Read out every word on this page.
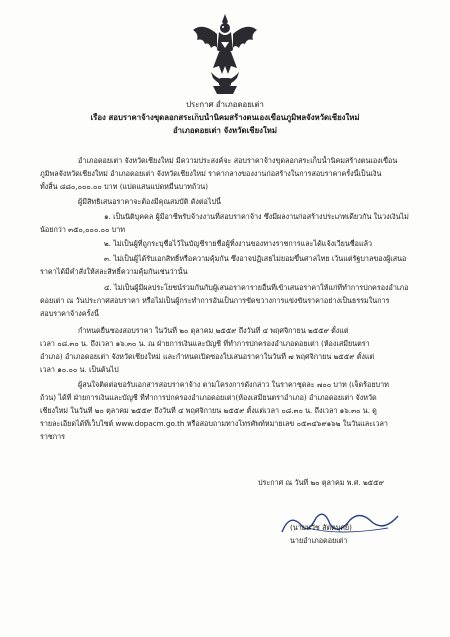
ประกาศ อำเภอดอยเต่า
เรื่อง สอบราคาจ้างขุดลอกสระเก็บน้ำนิคมสร้างตนเองเขื่อนภูมิพลจังหวัดเชียงใหม่
อำเภอดอยเต่า จังหวัดเชียงใหม่
อำเภอดอยเต่า จังหวัดเชียงใหม่ มีความประสงค์จะ สอบราคาจ้างขุดลอกสระเก็บน้ำนิคมสร้างตนเองเขื่อน
ภูมิพลจังหวัดเชียงใหม่ อำเภอดอยเต่า จังหวัดเชียงใหม่ ราคากลางของงานก่อสร้างในการสอบราคาครั้งนี้เป็นเงิน
ทั้งสิ้น ๘๘๐,๐๐๐.๐๐ บาท (แปดแสนแปดหมื่นบาทถ้วน)
ผู้มีสิทธิเสนอราคาจะต้องมีคุณสมบัติ ดังต่อไปนี้
๑. เป็นนิติบุคคล ผู้มีอาชีพรับจ้างงานที่สอบราคาจ้าง ซึ่งมีผลงานก่อสร้างประเภทเดียวกัน ในวงเงินไม่
น้อยกว่า ๓๕๐,๐๐๐.๐๐ บาท
๒. ไม่เป็นผู้ที่ถูกระบุชื่อไว้ในบัญชีรายชื่อผู้ทิ้งงานของทางราชการและได้แจ้งเวียนชื่อแล้ว
๓. ไม่เป็นผู้ได้รับเอกสิทธิ์หรือความคุ้มกัน ซึ่งอาจปฏิเสธไม่ยอมขึ้นศาลไทย เว้นแต่รัฐบาลของผู้เสนอ
ราคาได้มีคำสั่งให้สละสิทธิ์ความคุ้มกันเช่นว่านั้น
๔. ไม่เป็นผู้มีผลประโยชน์ร่วมกันกับผู้เสนอราคารายอื่นที่เข้าเสนอราคาให้แก่ที่ทำการปกครองอำเภอ
ดอยเต่า ณ วันประกาศสอบราคา หรือไม่เป็นผู้กระทำการอันเป็นการขัดขวางการแข่งขันราคาอย่างเป็นธรรมในการ
สอบราคาจ้างครั้งนี้
กำหนดยื่นซองสอบราคา ในวันที่ ๒๐ ตุลาคม ๒๕๕๙ ถึงวันที่ ๔ พฤศจิกายน ๒๕๕๙ ตั้งแต่
เวลา ๐๘.๓๐ น. ถึงเวลา ๑๖.๓๐ น. ณ ฝ่ายการเงินและบัญชี ที่ทำการปกครองอำเภอดอยเต่า (ห้องเสมียนตรา
อำเภอ) อำเภอดอยเต่า จังหวัดเชียงใหม่ และกำหนดเปิดซองใบเสนอราคาในวันที่ ๗ พฤศจิกายน ๒๕๕๙ ตั้งแต่
เวลา ๑๐.๐๐ น. เป็นต้นไป
ผู้สนใจติดต่อขอรับเอกสารสอบราคาจ้าง ตามโครงการดังกล่าว ในราคาชุดละ ๗๐๐ บาท (เจ็ดร้อยบาท
ถ้วน) ได้ที่ ฝ่ายการเงินและบัญชี ที่ทำการปกครองอำเภอดอยเต่า(ห้องเสมียนตราอำเภอ) อำเภอดอยเต่า จังหวัด
เชียงใหม่ ในวันที่ ๒๐ ตุลาคม ๒๕๕๙ ถึงวันที่ ๔ พฤศจิกายน ๒๕๕๙ ตั้งแต่เวลา ๐๘.๓๐ น. ถึงเวลา ๑๖.๓๐ น. ดู
รายละเอียดได้ที่เว็บไซต์ www.dopacm.go.th หรือสอบถามทางโทรศัพท์หมายเลข ๐๕๓๔๖๙๑๖๒ ในวันและเวลา
ราชการ
ประกาศ ณ วันที่ ๒๐ ตุลาคม พ.ศ. ๒๕๕๙
(นายนวัช สัตตบุศย์)
นายอำเภอดอยเต่า
